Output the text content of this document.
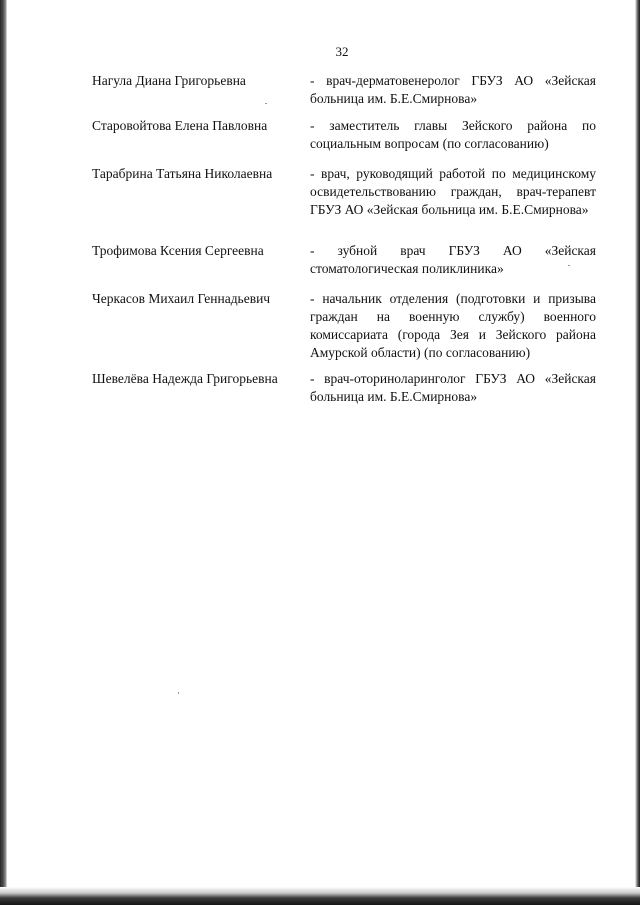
32
Нагула Диана Григорьевна	- врач-дерматовенеролог ГБУЗ АО «Зейская больница им. Б.Е.Смирнова»
Старовойтова Елена Павловна	- заместитель главы Зейского района по социальным вопросам (по согласованию)
Тарабрина Татьяна Николаевна	- врач, руководящий работой по медицинскому освидетельствованию граждан, врач-терапевт ГБУЗ АО «Зейская больница им. Б.Е.Смирнова»
Трофимова Ксения Сергеевна	- зубной врач ГБУЗ АО «Зейская стоматологическая поликлиника»
Черкасов Михаил Геннадьевич	- начальник отделения (подготовки и призыва граждан на военную службу) военного комиссариата (города Зея и Зейского района Амурской области) (по согласованию)
Шевелёва Надежда Григорьевна	- врач-оториноларинголог ГБУЗ АО «Зейская больница им. Б.Е.Смирнова»
